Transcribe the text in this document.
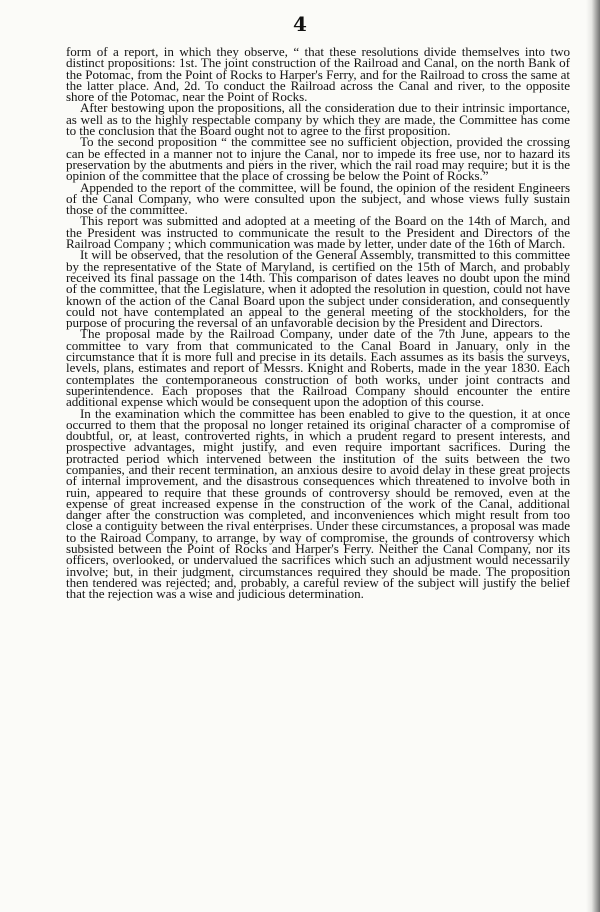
4

form of a report, in which they observe, “ that these resolutions divide themselves into two distinct propositions: 1st. The joint construction of the Railroad and Canal, on the north Bank of the Potomac, from the Point of Rocks to Harper's Ferry, and for the Railroad to cross the same at the latter place. And, 2d. To conduct the Railroad across the Canal and river, to the opposite shore of the Potomac, near the Point of Rocks.

After bestowing upon the propositions, all the consideration due to their intrinsic importance, as well as to the highly respectable company by which they are made, the Committee has come to the conclusion that the Board ought not to agree to the first proposition.

To the second proposition “ the committee see no sufficient objection, provided the crossing can be effected in a manner not to injure the Canal, nor to impede its free use, nor to hazard its preservation by the abutments and piers in the river, which the rail road may require; but it is the opinion of the committee that the place of crossing be below the Point of Rocks.”

Appended to the report of the committee, will be found, the opinion of the resident Engineers of the Canal Company, who were consulted upon the subject, and whose views fully sustain those of the committee.

This report was submitted and adopted at a meeting of the Board on the 14th of March, and the President was instructed to communicate the result to the President and Directors of the Railroad Company ; which communication was made by letter, under date of the 16th of March.

It will be observed, that the resolution of the General Assembly, transmitted to this committee by the representative of the State of Maryland, is certified on the 15th of March, and probably received its final passage on the 14th. This comparison of dates leaves no doubt upon the mind of the committee, that the Legislature, when it adopted the resolution in question, could not have known of the action of the Canal Board upon the subject under consideration, and consequently could not have contemplated an appeal to the general meeting of the stockholders, for the purpose of procuring the reversal of an unfavorable decision by the President and Directors.

The proposal made by the Railroad Company, under date of the 7th June, appears to the committee to vary from that communicated to the Canal Board in January, only in the circumstance that it is more full and precise in its details. Each assumes as its basis the surveys, levels, plans, estimates and report of Messrs. Knight and Roberts, made in the year 1830. Each contemplates the contemporaneous construction of both works, under joint contracts and superintendence. Each proposes that the Railroad Company should encounter the entire additional expense which would be consequent upon the adoption of this course.

In the examination which the committee has been enabled to give to the question, it at once occurred to them that the proposal no longer retained its original character of a compromise of doubtful, or, at least, controverted rights, in which a prudent regard to present interests, and prospective advantages, might justify, and even require important sacrifices. During the protracted period which intervened between the institution of the suits between the two companies, and their recent termination, an anxious desire to avoid delay in these great projects of internal improvement, and the disastrous consequences which threatened to involve both in ruin, appeared to require that these grounds of controversy should be removed, even at the expense of great increased expense in the construction of the work of the Canal, additional danger after the construction was completed, and inconveniences which might result from too close a contiguity between the rival enterprises. Under these circumstances, a proposal was made to the Rairoad Company, to arrange, by way of compromise, the grounds of controversy which subsisted between the Point of Rocks and Harper's Ferry. Neither the Canal Company, nor its officers, overlooked, or undervalued the sacrifices which such an adjustment would necessarily involve; but, in their judgment, circumstances required they should be made. The proposition then tendered was rejected; and, probably, a careful review of the subject will justify the belief that the rejection was a wise and judicious determination.
